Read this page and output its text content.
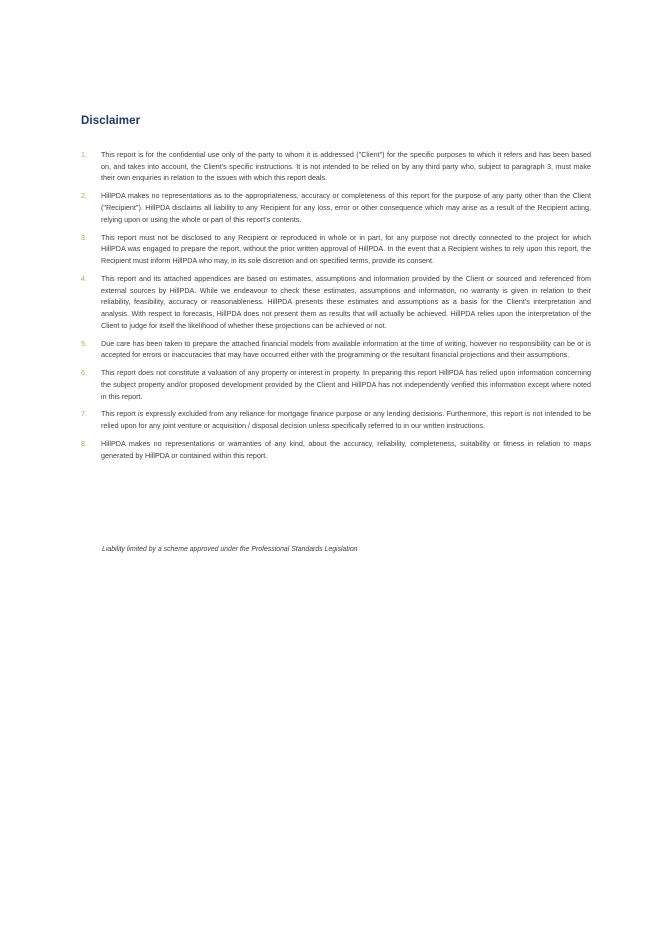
Disclaimer
1.	This report is for the confidential use only of the party to whom it is addressed ("Client") for the specific purposes to which it refers and has been based on, and takes into account, the Client's specific instructions. It is not intended to be relied on by any third party who, subject to paragraph 3, must make their own enquiries in relation to the issues with which this report deals.
2.	HillPDA makes no representations as to the appropriateness, accuracy or completeness of this report for the purpose of any party other than the Client ("Recipient"). HillPDA disclaims all liability to any Recipient for any loss, error or other consequence which may arise as a result of the Recipient acting, relying upon or using the whole or part of this report's contents.
3.	This report must not be disclosed to any Recipient or reproduced in whole or in part, for any purpose not directly connected to the project for which HillPDA was engaged to prepare the report, without the prior written approval of HillPDA. In the event that a Recipient wishes to rely upon this report, the Recipient must inform HillPDA who may, in its sole discretion and on specified terms, provide its consent.
4.	This report and its attached appendices are based on estimates, assumptions and information provided by the Client or sourced and referenced from external sources by HillPDA. While we endeavour to check these estimates, assumptions and information, no warranty is given in relation to their reliability, feasibility, accuracy or reasonableness. HillPDA presents these estimates and assumptions as a basis for the Client's interpretation and analysis. With respect to forecasts, HillPDA does not present them as results that will actually be achieved. HillPDA relies upon the interpretation of the Client to judge for itself the likelihood of whether these projections can be achieved or not.
5.	Due care has been taken to prepare the attached financial models from available information at the time of writing, however no responsibility can be or is accepted for errors or inaccuracies that may have occurred either with the programming or the resultant financial projections and their assumptions.
6.	This report does not constitute a valuation of any property or interest in property. In preparing this report HillPDA has relied upon information concerning the subject property and/or proposed development provided by the Client and HillPDA has not independently verified this information except where noted in this report.
7.	This report is expressly excluded from any reliance for mortgage finance purpose or any lending decisions. Furthermore, this report is not intended to be relied upon for any joint venture or acquisition / disposal decision unless specifically referred to in our written instructions.
8.	HillPDA makes no representations or warranties of any kind, about the accuracy, reliability, completeness, suitability or fitness in relation to maps generated by HillPDA or contained within this report.

Liability limited by a scheme approved under the Professional Standards Legislation
